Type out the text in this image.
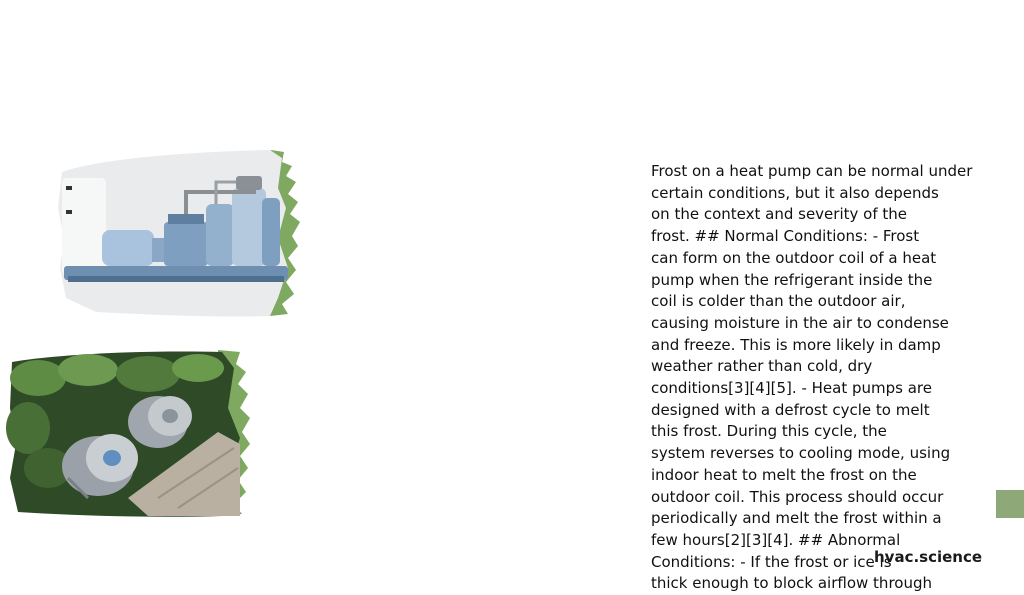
Frost on a heat pump can be normal under
certain conditions, but it also depends
on the context and severity of the
frost. ## Normal Conditions: - Frost
can form on the outdoor coil of a heat
pump when the refrigerant inside the
coil is colder than the outdoor air,
causing moisture in the air to condense
and freeze. This is more likely in damp
weather rather than cold, dry
conditions[3][4][5]. - Heat pumps are
designed with a defrost cycle to melt
this frost. During this cycle, the
system reverses to cooling mode, using
indoor heat to melt the frost on the
outdoor coil. This process should occur
periodically and melt the frost within a
few hours[2][3][4]. ## Abnormal
Conditions: - If the frost or ice is
thick enough to block airflow through
hvac.science
